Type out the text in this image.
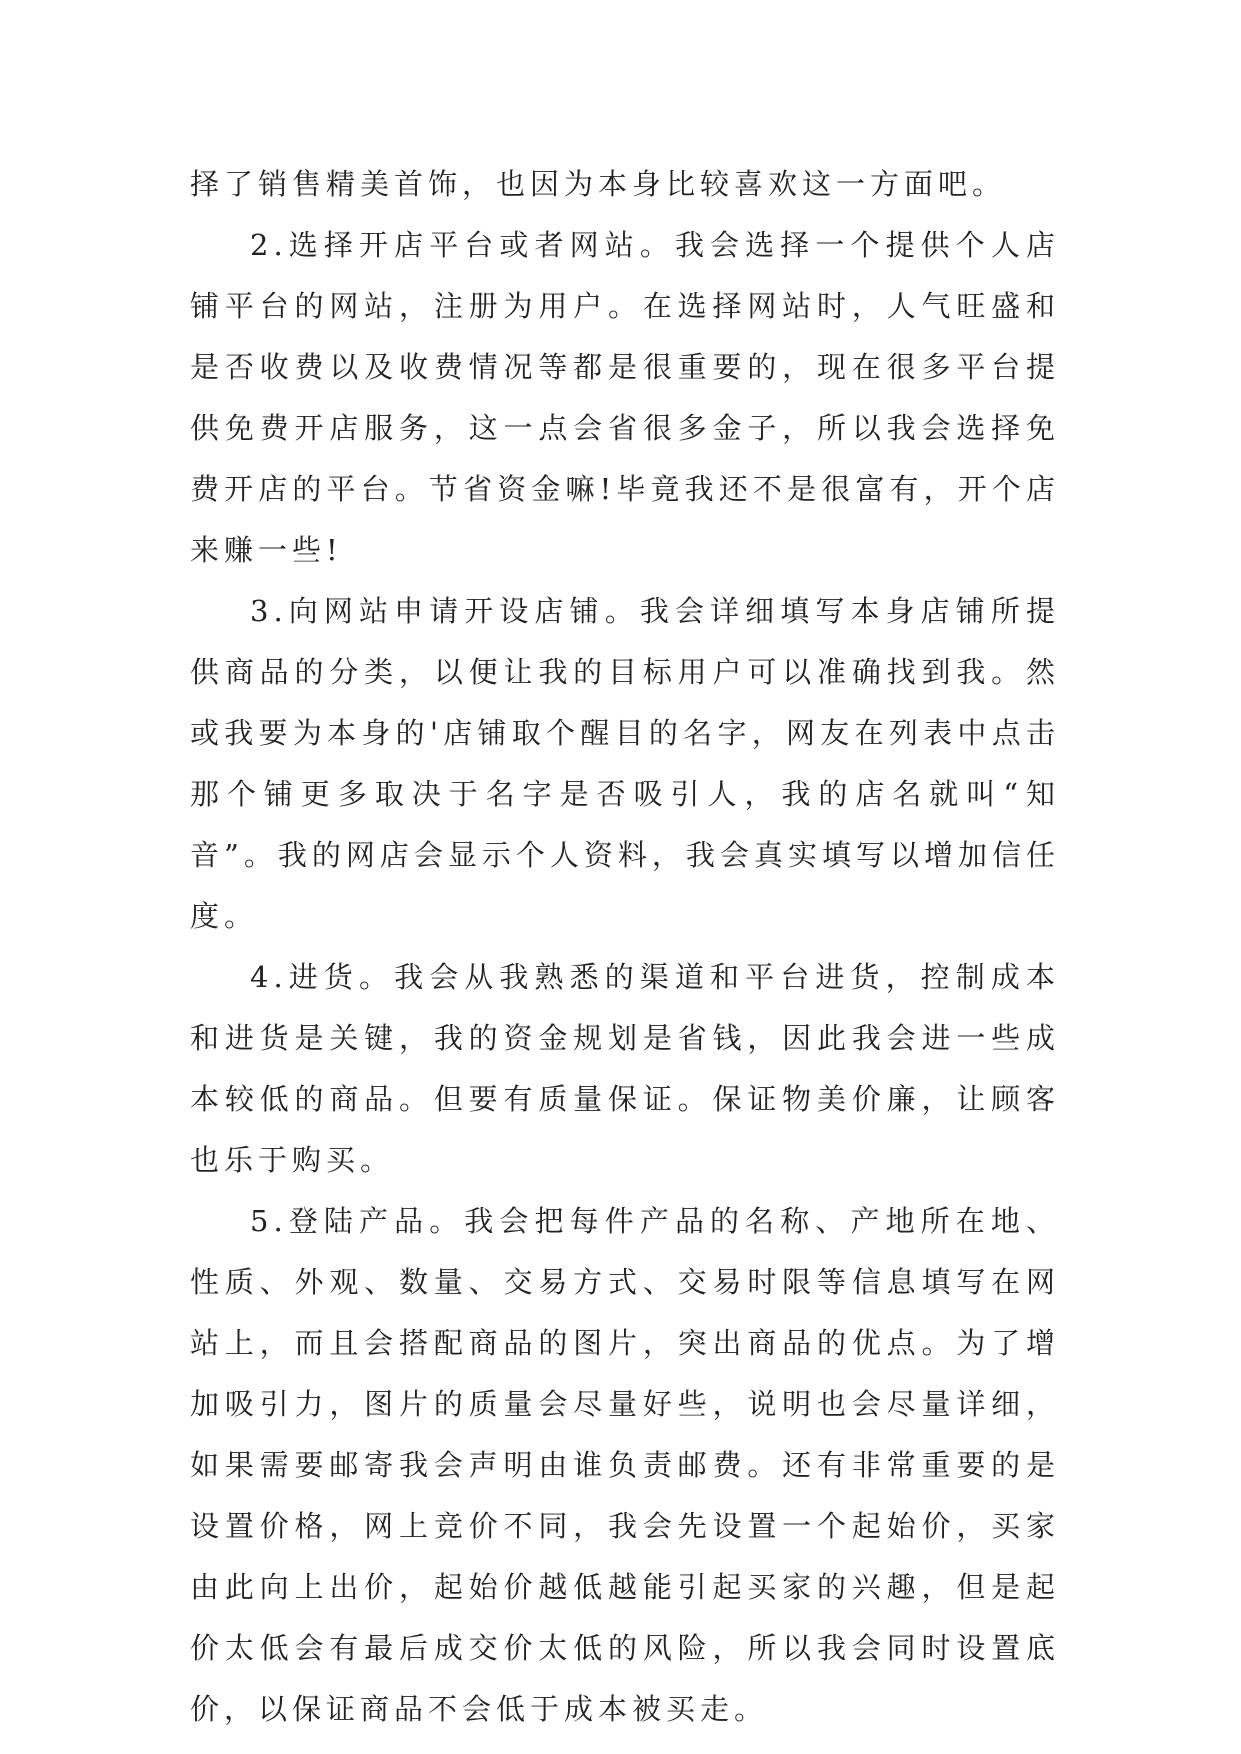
择了销售精美首饰，也因为本身比较喜欢这一方面吧。

2.选择开店平台或者网站。我会选择一个提供个人店铺平台的网站，注册为用户。在选择网站时，人气旺盛和是否收费以及收费情况等都是很重要的，现在很多平台提供免费开店服务，这一点会省很多金子，所以我会选择免费开店的平台。节省资金嘛!毕竟我还不是很富有，开个店来赚一些!

3.向网站申请开设店铺。我会详细填写本身店铺所提供商品的分类，以便让我的目标用户可以准确找到我。然或我要为本身的'店铺取个醒目的名字，网友在列表中点击那个铺更多取决于名字是否吸引人，我的店名就叫“知音”。我的网店会显示个人资料，我会真实填写以增加信任度。

4.进货。我会从我熟悉的渠道和平台进货，控制成本和进货是关键，我的资金规划是省钱，因此我会进一些成本较低的商品。但要有质量保证。保证物美价廉，让顾客也乐于购买。

5.登陆产品。我会把每件产品的名称、产地所在地、性质、外观、数量、交易方式、交易时限等信息填写在网站上，而且会搭配商品的图片，突出商品的优点。为了增加吸引力，图片的质量会尽量好些，说明也会尽量详细，如果需要邮寄我会声明由谁负责邮费。还有非常重要的是设置价格，网上竞价不同，我会先设置一个起始价，买家由此向上出价，起始价越低越能引起买家的兴趣，但是起价太低会有最后成交价太低的风险，所以我会同时设置底价，以保证商品不会低于成本被买走。
